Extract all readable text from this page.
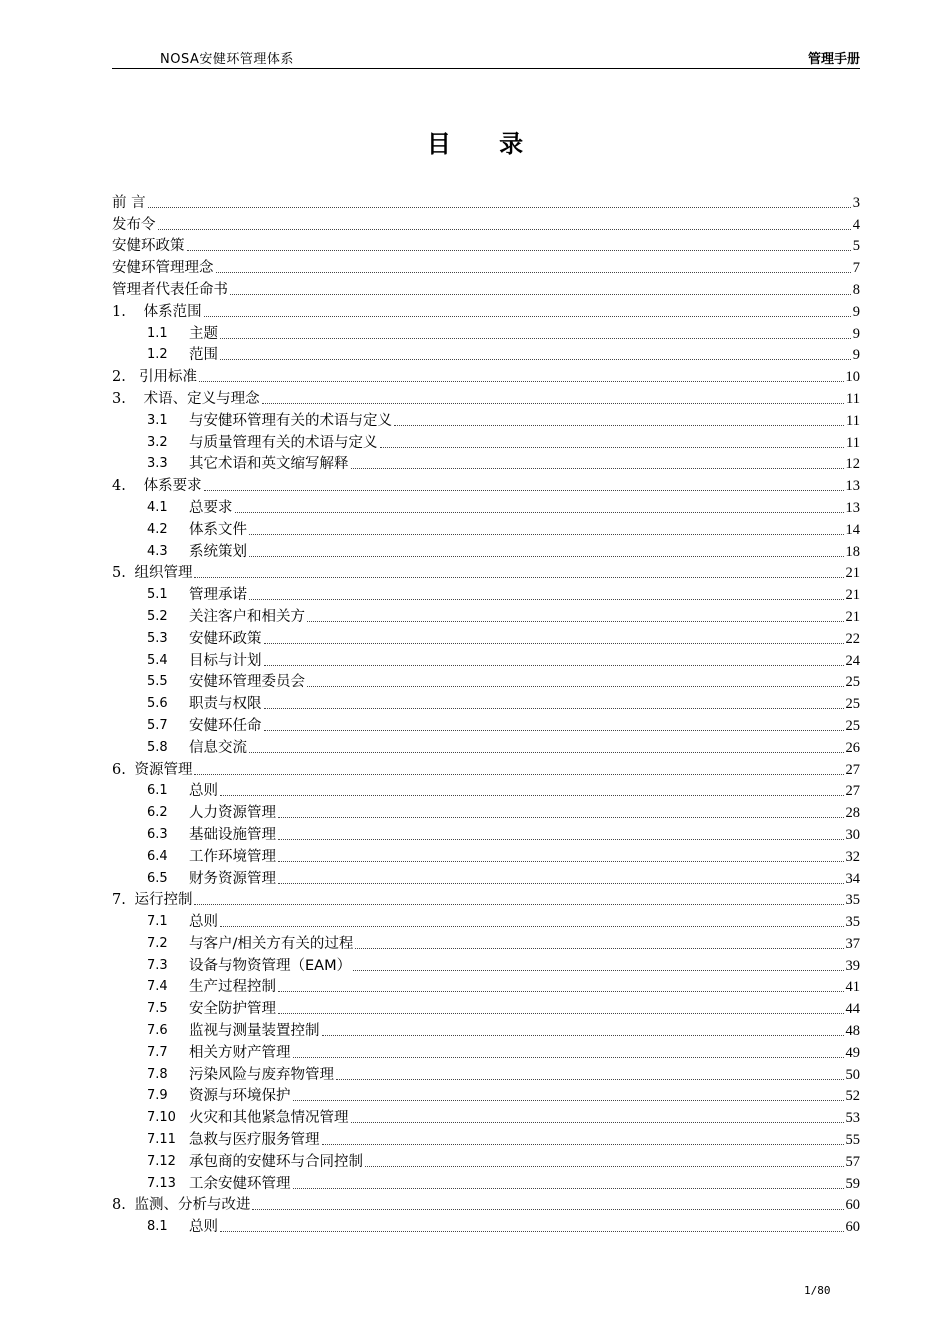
NOSA安健环管理体系	管理手册
目 录
前 言	3
发布令	4
安健环政策	5
安健环管理理念	7
管理者代表任命书	8
1. 体系范围	9
1.1	主题	9
1.2	范围	9
2. 引用标准	10
3. 术语、定义与理念	11
3.1	与安健环管理有关的术语与定义	11
3.2	与质量管理有关的术语与定义	11
3.3	其它术语和英文缩写解释	12
4. 体系要求	13
4.1	总要求	13
4.2	体系文件	14
4.3	系统策划	18
5. 组织管理	21
5.1	管理承诺	21
5.2	关注客户和相关方	21
5.3	安健环政策	22
5.4	目标与计划	24
5.5	安健环管理委员会	25
5.6	职责与权限	25
5.7	安健环任命	25
5.8	信息交流	26
6. 资源管理	27
6.1	总则	27
6.2	人力资源管理	28
6.3	基础设施管理	30
6.4	工作环境管理	32
6.5	财务资源管理	34
7. 运行控制	35
7.1	总则	35
7.2	与客户/相关方有关的过程	37
7.3	设备与物资管理（EAM）	39
7.4	生产过程控制	41
7.5	安全防护管理	44
7.6	监视与测量装置控制	48
7.7	相关方财产管理	49
7.8	污染风险与废弃物管理	50
7.9	资源与环境保护	52
7.10 火灾和其他紧急情况管理	53
7.11 急救与医疗服务管理	55
7.12 承包商的安健环与合同控制	57
7.13 工余安健环管理	59
8. 监测、分析与改进	60
8.1	总则	60
1/80
